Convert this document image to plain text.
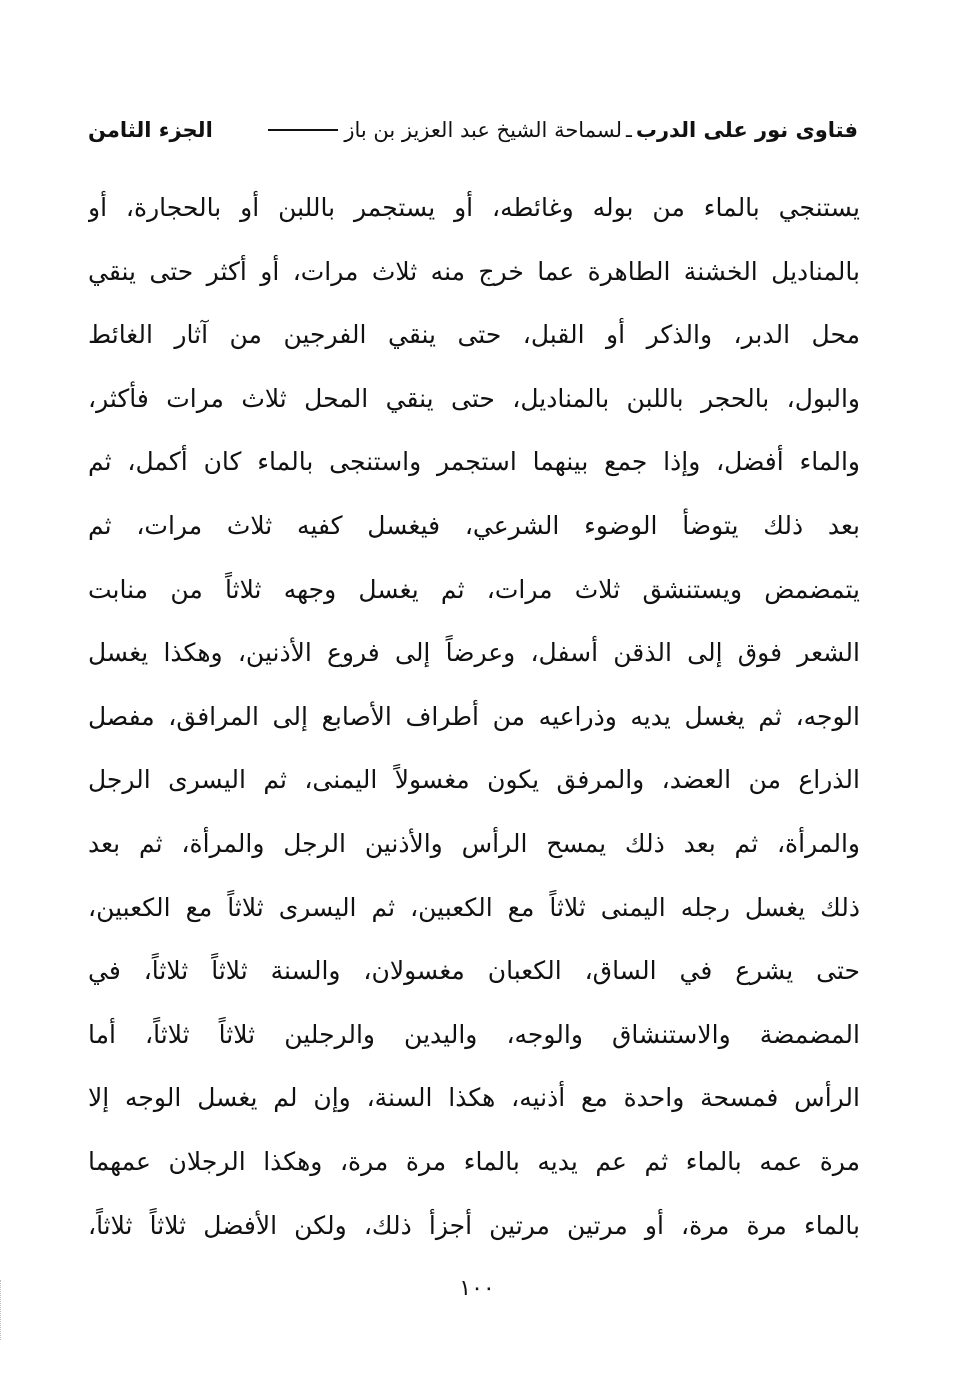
فتاوى نور على الدرب
ـ
لسماحة الشيخ عبد العزيز بن باز
الجزء الثامن
يستنجي بالماء من بوله وغائطه، أو يستجمر باللبن أو بالحجارة، أو
بالمناديل الخشنة الطاهرة عما خرج منه ثلاث مرات، أو أكثر حتى ينقي
محل الدبر، والذكر أو القبل، حتى ينقي الفرجين من آثار الغائط
والبول، بالحجر باللبن بالمناديل، حتى ينقي المحل ثلاث مرات فأكثر،
والماء أفضل، وإذا جمع بينهما استجمر واستنجى بالماء كان أكمل، ثم
بعد ذلك يتوضأ الوضوء الشرعي، فيغسل كفيه ثلاث مرات، ثم
يتمضمض ويستنشق ثلاث مرات، ثم يغسل وجهه ثلاثاً من منابت
الشعر فوق إلى الذقن أسفل، وعرضاً إلى فروع الأذنين، وهكذا يغسل
الوجه، ثم يغسل يديه وذراعيه من أطراف الأصابع إلى المرافق، مفصل
الذراع من العضد، والمرفق يكون مغسولاً اليمنى، ثم اليسرى الرجل
والمرأة، ثم بعد ذلك يمسح الرأس والأذنين الرجل والمرأة، ثم بعد
ذلك يغسل رجله اليمنى ثلاثاً مع الكعبين، ثم اليسرى ثلاثاً مع الكعبين،
حتى يشرع في الساق، الكعبان مغسولان، والسنة ثلاثاً ثلاثاً، في
المضمضة والاستنشاق والوجه، واليدين والرجلين ثلاثاً ثلاثاً، أما
الرأس فمسحة واحدة مع أذنيه، هكذا السنة، وإن لم يغسل الوجه إلا
مرة عمه بالماء ثم عم يديه بالماء مرة مرة، وهكذا الرجلان عمهما
بالماء مرة مرة، أو مرتين مرتين أجزأ ذلك، ولكن الأفضل ثلاثاً ثلاثاً،
١٠٠
